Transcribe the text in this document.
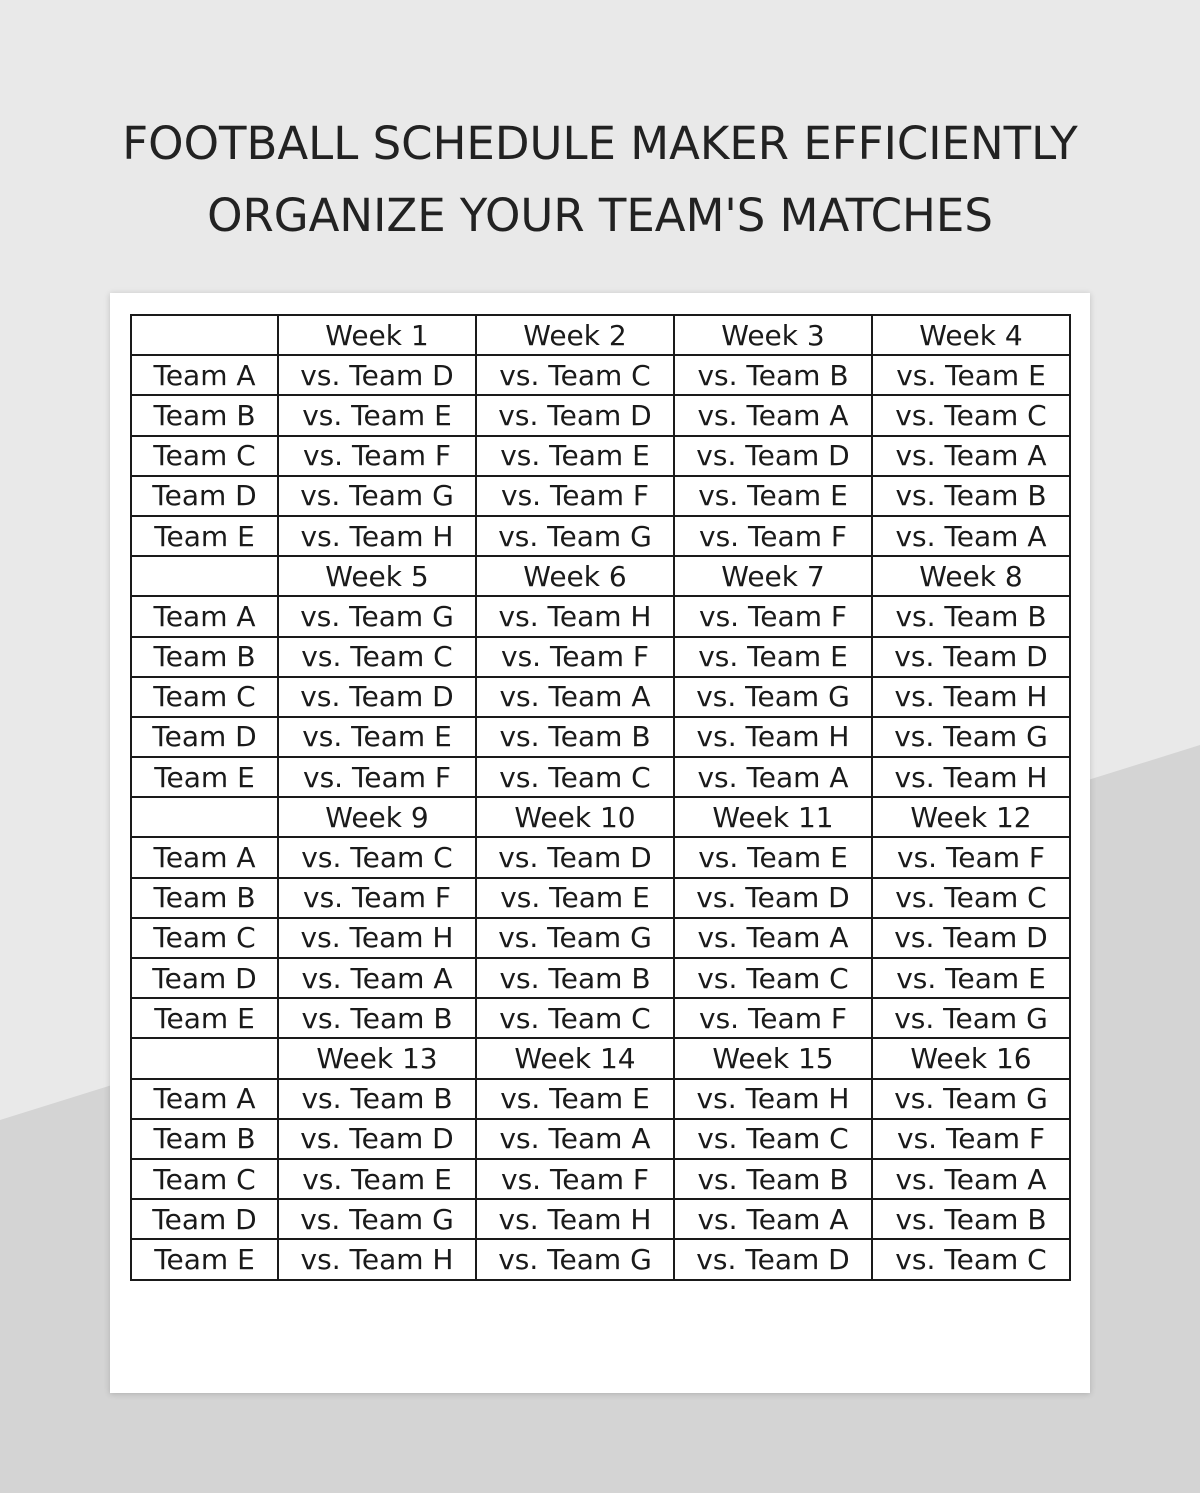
FOOTBALL SCHEDULE MAKER EFFICIENTLY
ORGANIZE YOUR TEAM'S MATCHES
	Week 1	Week 2	Week 3	Week 4
Team A	vs. Team D	vs. Team C	vs. Team B	vs. Team E
Team B	vs. Team E	vs. Team D	vs. Team A	vs. Team C
Team C	vs. Team F	vs. Team E	vs. Team D	vs. Team A
Team D	vs. Team G	vs. Team F	vs. Team E	vs. Team B
Team E	vs. Team H	vs. Team G	vs. Team F	vs. Team A
	Week 5	Week 6	Week 7	Week 8
Team A	vs. Team G	vs. Team H	vs. Team F	vs. Team B
Team B	vs. Team C	vs. Team F	vs. Team E	vs. Team D
Team C	vs. Team D	vs. Team A	vs. Team G	vs. Team H
Team D	vs. Team E	vs. Team B	vs. Team H	vs. Team G
Team E	vs. Team F	vs. Team C	vs. Team A	vs. Team H
	Week 9	Week 10	Week 11	Week 12
Team A	vs. Team C	vs. Team D	vs. Team E	vs. Team F
Team B	vs. Team F	vs. Team E	vs. Team D	vs. Team C
Team C	vs. Team H	vs. Team G	vs. Team A	vs. Team D
Team D	vs. Team A	vs. Team B	vs. Team C	vs. Team E
Team E	vs. Team B	vs. Team C	vs. Team F	vs. Team G
	Week 13	Week 14	Week 15	Week 16
Team A	vs. Team B	vs. Team E	vs. Team H	vs. Team G
Team B	vs. Team D	vs. Team A	vs. Team C	vs. Team F
Team C	vs. Team E	vs. Team F	vs. Team B	vs. Team A
Team D	vs. Team G	vs. Team H	vs. Team A	vs. Team B
Team E	vs. Team H	vs. Team G	vs. Team D	vs. Team C
